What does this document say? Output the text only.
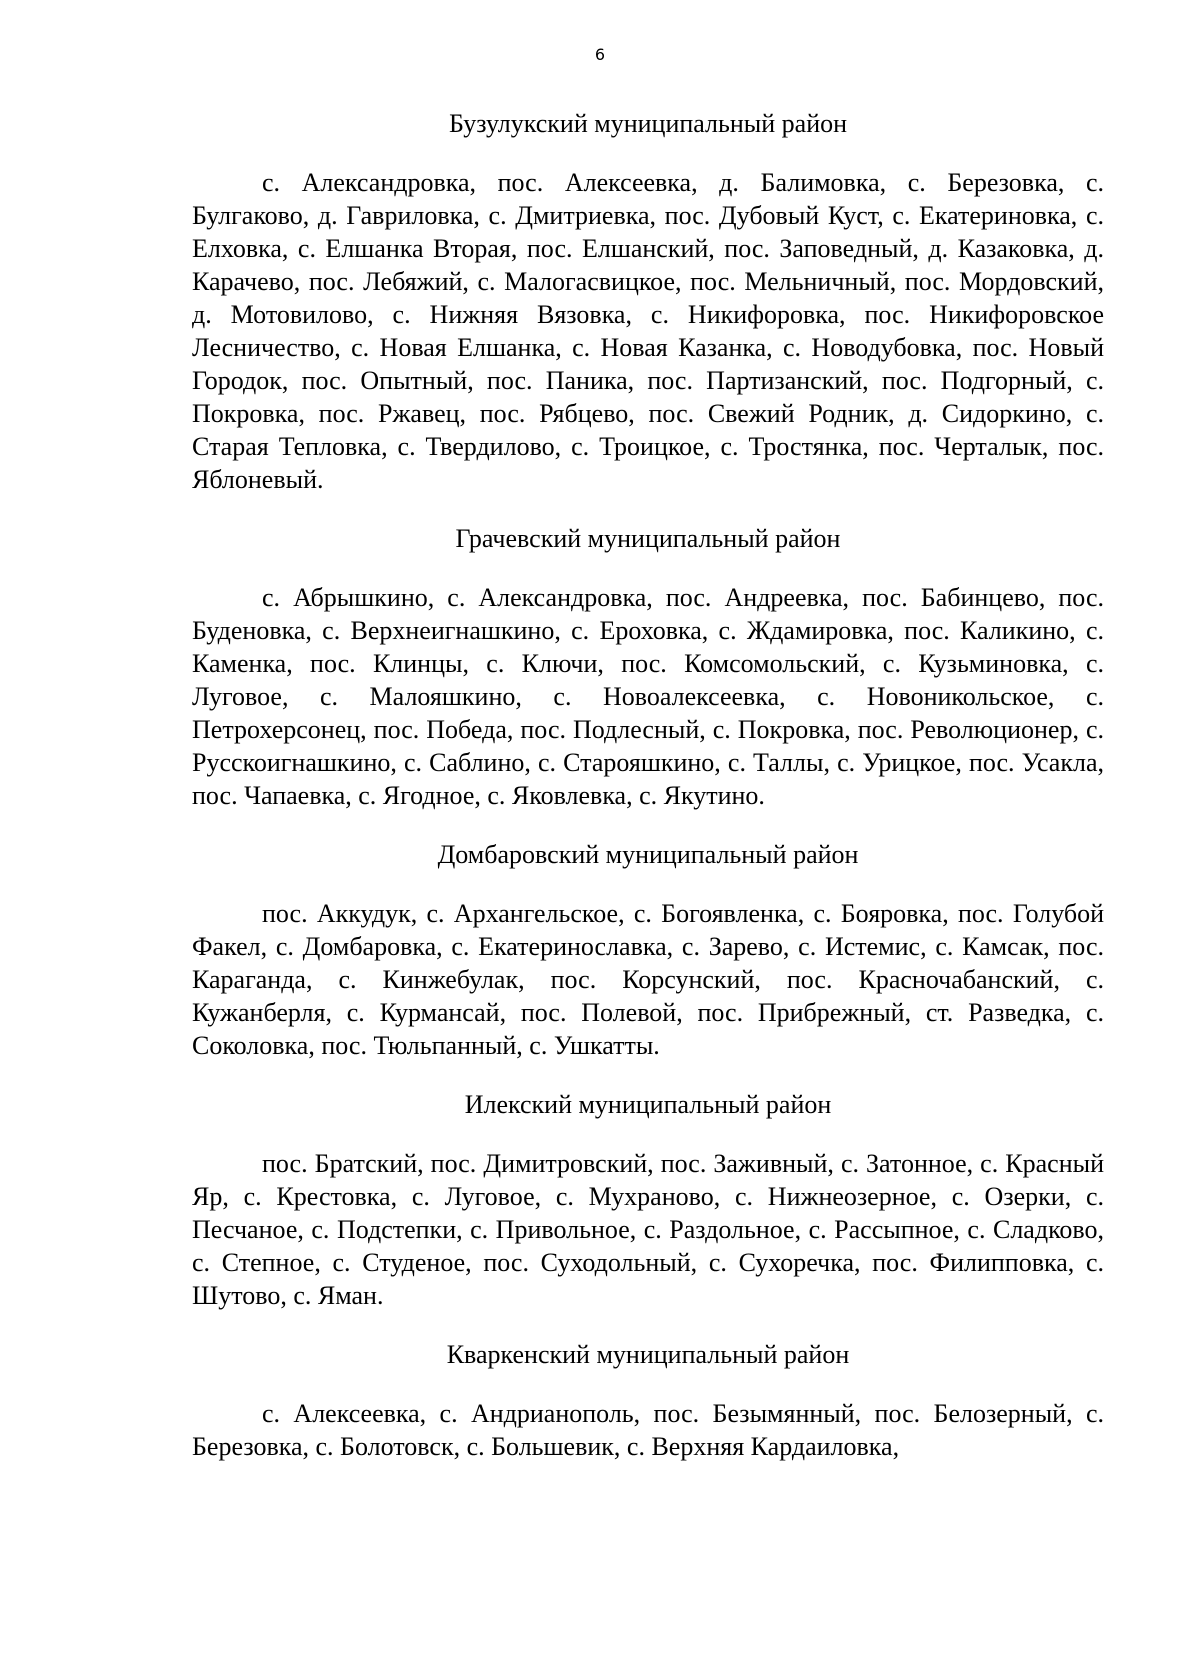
6
Бузулукский муниципальный район

с. Александровка, пос. Алексеевка, д. Балимовка, с. Березовка, с. Булгаково, д. Гавриловка, с. Дмитриевка, пос. Дубовый Куст, с. Екатериновка, с. Елховка, с. Елшанка Вторая, пос. Елшанский, пос. Заповедный, д. Казаковка, д. Карачево, пос. Лебяжий, с. Малогасвицкое, пос. Мельничный, пос. Мордовский, д. Мотовилово, с. Нижняя Вязовка, с. Никифоровка, пос. Никифоровское Лесничество, с. Новая Елшанка, с. Новая Казанка, с. Новодубовка, пос. Новый Городок, пос. Опытный, пос. Паника, пос. Партизанский, пос. Подгорный, с. Покровка, пос. Ржавец, пос. Рябцево, пос. Свежий Родник, д. Сидоркино, с. Старая Тепловка, с. Твердилово, с. Троицкое, с. Тростянка, пос. Черталык, пос. Яблоневый.

Грачевский муниципальный район

с. Абрышкино, с. Александровка, пос. Андреевка, пос. Бабинцево, пос. Буденовка, с. Верхнеигнашкино, с. Ероховка, с. Ждамировка, пос. Каликино, с. Каменка, пос. Клинцы, с. Ключи, пос. Комсомольский, с. Кузьминовка, с. Луговое, с. Малояшкино, с. Новоалексеевка, с. Новоникольское, с. Петрохерсонец, пос. Победа, пос. Подлесный, с. Покровка, пос. Революционер, с. Русскоигнашкино, с. Саблино, с. Старояшкино, с. Таллы, с. Урицкое, пос. Усакла, пос. Чапаевка, с. Ягодное, с. Яковлевка, с. Якутино.

Домбаровский муниципальный район

пос. Аккудук, с. Архангельское, с. Богоявленка, с. Бояровка, пос. Голубой Факел, с. Домбаровка, с. Екатеринославка, с. Зарево, с. Истемис, с. Камсак, пос. Караганда, с. Кинжебулак, пос. Корсунский, пос. Красночабанский, с. Кужанберля, с. Курмансай, пос. Полевой, пос. Прибрежный, ст. Разведка, с. Соколовка, пос. Тюльпанный, с. Ушкатты.

Илекский муниципальный район

пос. Братский, пос. Димитровский, пос. Заживный, с. Затонное, с. Красный Яр, с. Крестовка, с. Луговое, с. Мухраново, с. Нижнеозерное, с. Озерки, с. Песчаное, с. Подстепки, с. Привольное, с. Раздольное, с. Рассыпное, с. Сладково, с. Степное, с. Студеное, пос. Суходольный, с. Сухоречка, пос. Филипповка, с. Шутово, с. Яман.

Кваркенский муниципальный район

с. Алексеевка, с. Андрианополь, пос. Безымянный, пос. Белозерный, с. Березовка, с. Болотовск, с. Большевик, с. Верхняя Кардаиловка,
